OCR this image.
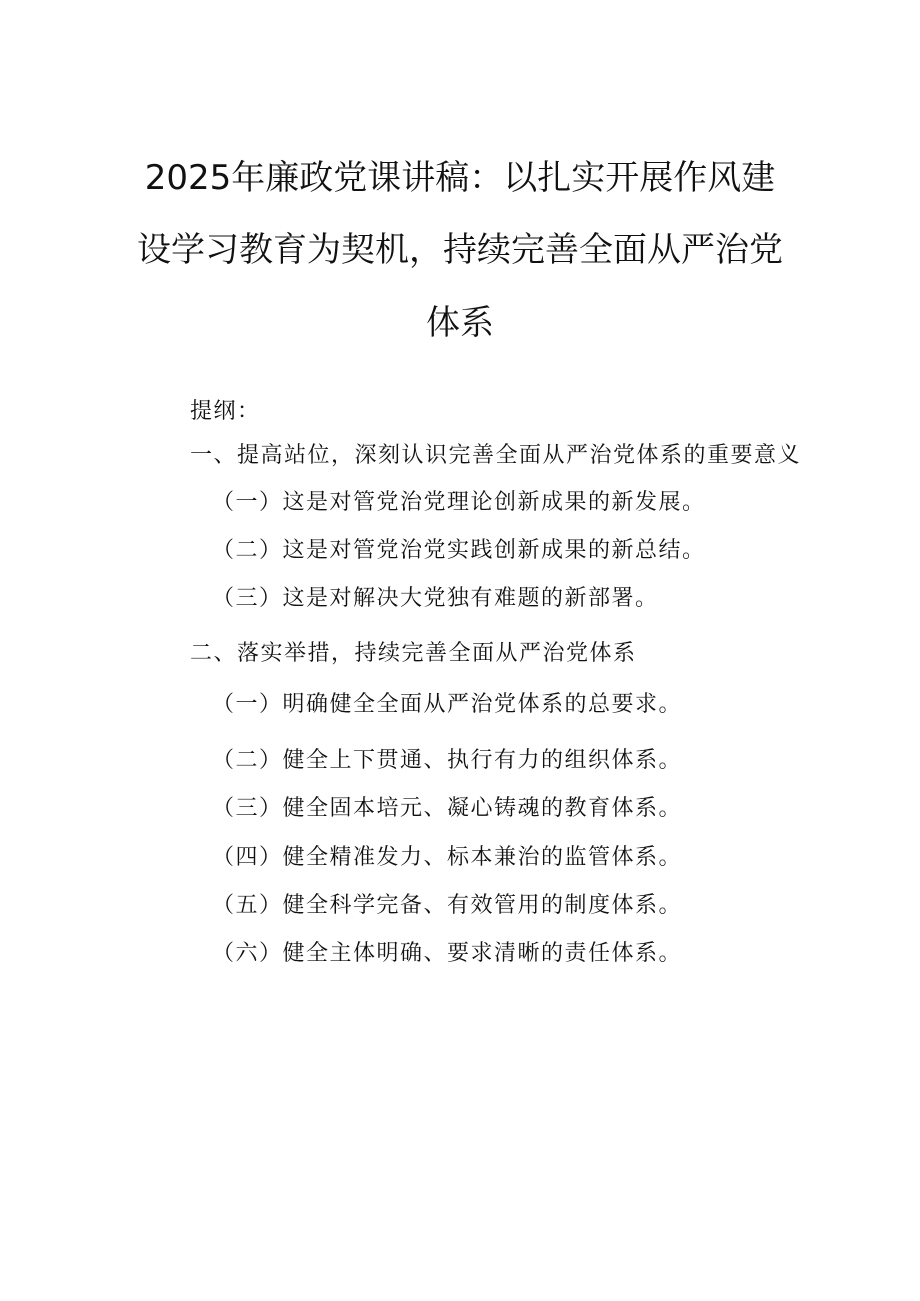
2025年廉政党课讲稿：以扎实开展作风建
设学习教育为契机，持续完善全面从严治党
体系
提纲：
一、提高站位，深刻认识完善全面从严治党体系的重要意义
（一）这是对管党治党理论创新成果的新发展。
（二）这是对管党治党实践创新成果的新总结。
（三）这是对解决大党独有难题的新部署。
二、落实举措，持续完善全面从严治党体系
（一）明确健全全面从严治党体系的总要求。
（二）健全上下贯通、执行有力的组织体系。
（三）健全固本培元、凝心铸魂的教育体系。
（四）健全精准发力、标本兼治的监管体系。
（五）健全科学完备、有效管用的制度体系。
（六）健全主体明确、要求清晰的责任体系。
